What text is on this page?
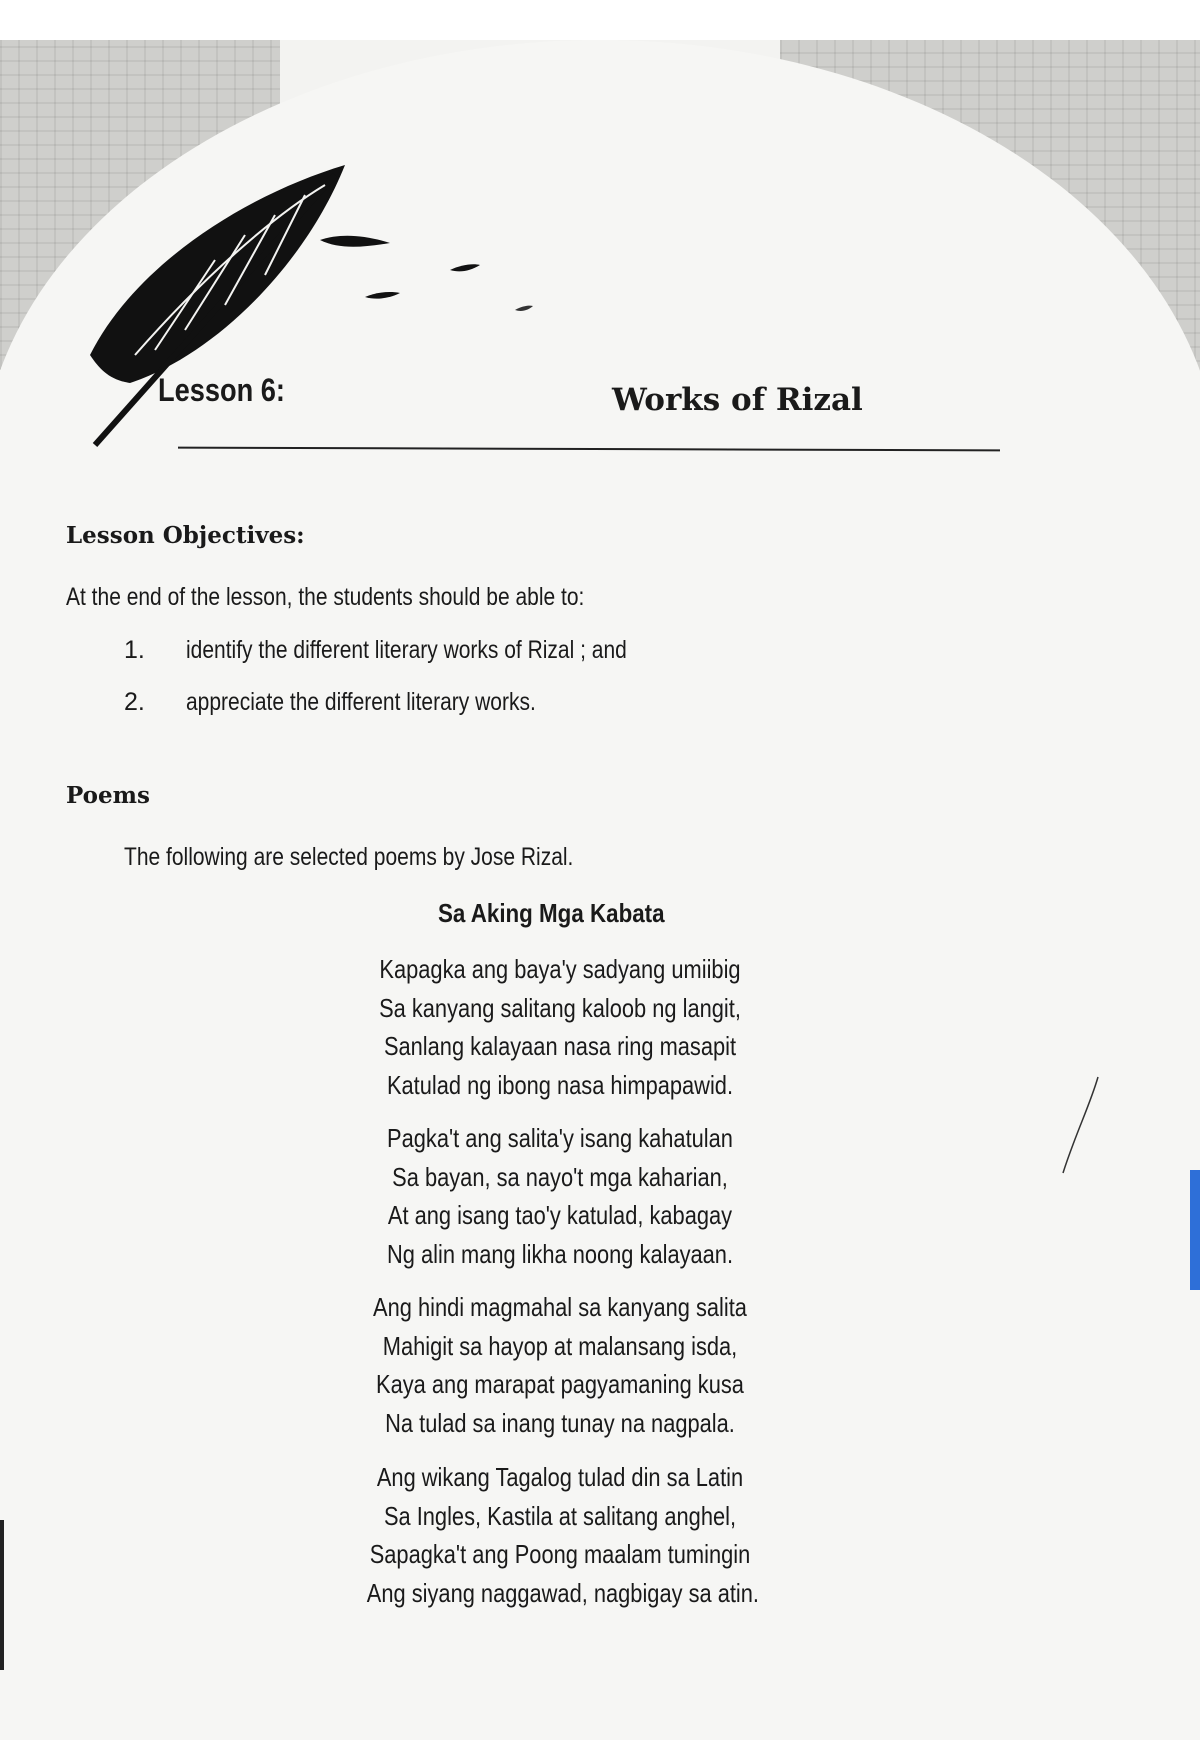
Lesson 6:	Works of Rizal
Lesson Objectives:
At the end of the lesson, the students should be able to:
1. identify the different literary works of Rizal ; and
2. appreciate the different literary works.
Poems
The following are selected poems by Jose Rizal.
Sa Aking Mga Kabata
Kapagka ang baya'y sadyang umiibig
Sa kanyang salitang kaloob ng langit,
Sanlang kalayaan nasa ring masapit
Katulad ng ibong nasa himpapawid.
Pagka't ang salita'y isang kahatulan
Sa bayan, sa nayo't mga kaharian,
At ang isang tao'y katulad, kabagay
Ng alin mang likha noong kalayaan.
Ang hindi magmahal sa kanyang salita
Mahigit sa hayop at malansang isda,
Kaya ang marapat pagyamaning kusa
Na tulad sa inang tunay na nagpala.
Ang wikang Tagalog tulad din sa Latin
Sa Ingles, Kastila at salitang anghel,
Sapagka't ang Poong maalam tumingin
Ang siyang naggawad, nagbigay sa atin.
